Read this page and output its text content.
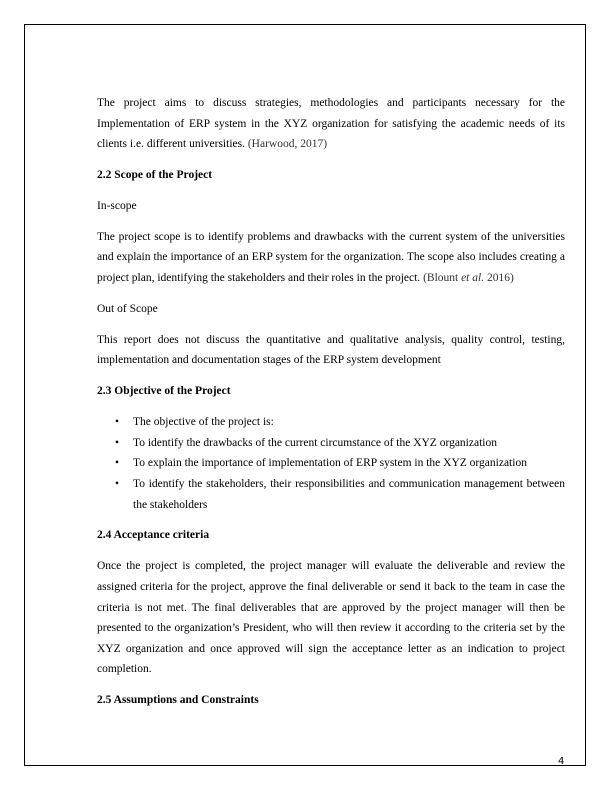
The project aims to discuss strategies, methodologies and participants necessary for the Implementation of ERP system in the XYZ organization for satisfying the academic needs of its clients i.e. different universities. (Harwood, 2017)

2.2 Scope of the Project

In-scope

The project scope is to identify problems and drawbacks with the current system of the universities and explain the importance of an ERP system for the organization. The scope also includes creating a project plan, identifying the stakeholders and their roles in the project. (Blount et al. 2016)

Out of Scope

This report does not discuss the quantitative and qualitative analysis, quality control, testing, implementation and documentation stages of the ERP system development

2.3 Objective of the Project
• The objective of the project is:
• To identify the drawbacks of the current circumstance of the XYZ organization
• To explain the importance of implementation of ERP system in the XYZ organization
• To identify the stakeholders, their responsibilities and communication management between the stakeholders
2.4 Acceptance criteria

Once the project is completed, the project manager will evaluate the deliverable and review the assigned criteria for the project, approve the final deliverable or send it back to the team in case the criteria is not met. The final deliverables that are approved by the project manager will then be presented to the organization’s President, who will then review it according to the criteria set by the XYZ organization and once approved will sign the acceptance letter as an indication to project completion.

2.5 Assumptions and Constraints
4
